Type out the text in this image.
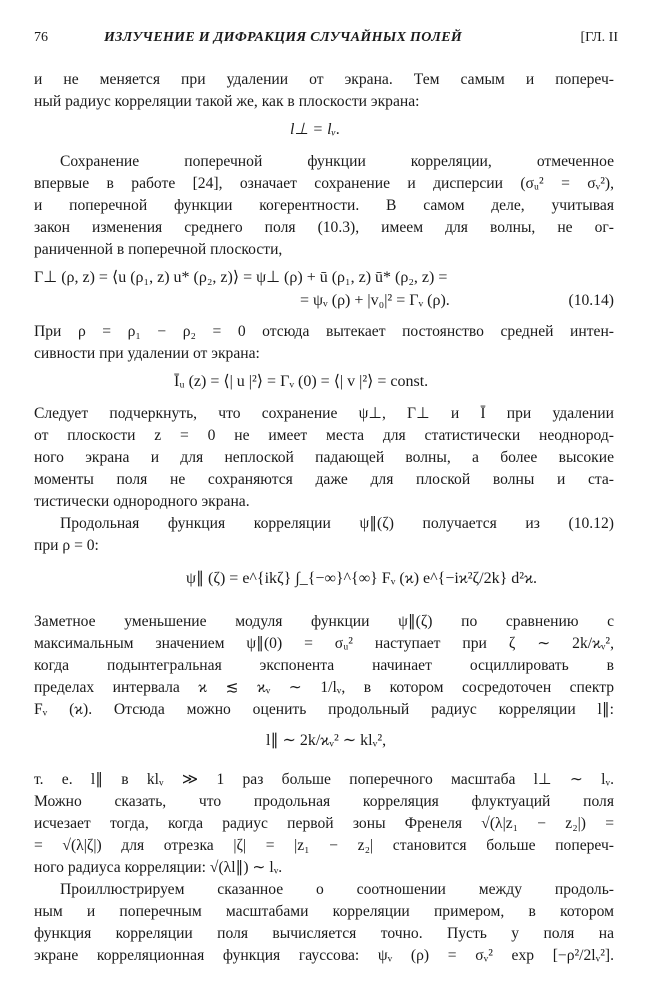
76	ИЗЛУЧЕНИЕ И ДИФРАКЦИЯ СЛУЧАЙНЫХ ПОЛЕЙ	[ГЛ. II
и не меняется при удалении от экрана. Тем самым и попереч-
ный радиус корреляции такой же, как в плоскости экрана:
l⊥ = lᵥ.
Сохранение поперечной функции корреляции, отмеченное
впервые в работе [24], означает сохранение и дисперсии (σᵤ² = σᵥ²),
и поперечной функции когерентности. В самом деле, учитывая
закон изменения среднего поля (10.3), имеем для волны, не ог-
раниченной в поперечной плоскости,
Γ⊥ (ρ, z) = ⟨u (ρ₁, z) u* (ρ₂, z)⟩ = ψ⊥ (ρ) + ū (ρ₁, z) ū* (ρ₂, z) =
= ψᵥ (ρ) + |v₀|² = Γᵥ (ρ).	(10.14)
При ρ = ρ₁ − ρ₂ = 0 отсюда вытекает постоянство средней интен-
сивности при удалении от экрана:
Īᵤ (z) = ⟨| u |²⟩ = Γᵥ (0) = ⟨| v |²⟩ = const.
Следует подчеркнуть, что сохранение ψ⊥, Γ⊥ и Ī при удалении
от плоскости z = 0 не имеет места для статистически неоднород-
ного экрана и для неплоской падающей волны, а более высокие
моменты поля не сохраняются даже для плоской волны и ста-
тистически однородного экрана.
Продольная функция корреляции ψ∥(ζ) получается из (10.12)
при ρ = 0:
ψ∥ (ζ) = e^{ikζ} ∫_{−∞}^{∞} Fᵥ (ϰ) e^{−iϰ²ζ/2k} d²ϰ.
Заметное уменьшение модуля функции ψ∥(ζ) по сравнению с
максимальным значением ψ∥(0) = σᵤ² наступает при ζ ∼ 2k/ϰᵥ²,
когда подынтегральная экспонента начинает осциллировать в
пределах интервала ϰ ≲ ϰᵥ ∼ 1/lᵥ, в котором сосредоточен спектр
Fᵥ (ϰ). Отсюда можно оценить продольный радиус корреляции l∥:
l∥ ∼ 2k/ϰᵥ² ∼ klᵥ²,
т. е. l∥ в klᵥ ≫ 1 раз больше поперечного масштаба l⊥ ∼ lᵥ.
Можно сказать, что продольная корреляция флуктуаций поля
исчезает тогда, когда радиус первой зоны Френеля √(λ|z₁ − z₂|) =
= √(λ|ζ|) для отрезка |ζ| = |z₁ − z₂| становится больше попереч-
ного радиуса корреляции: √(λl∥) ∼ lᵥ.
Проиллюстрируем сказанное о соотношении между продоль-
ным и поперечным масштабами корреляции примером, в котором
функция корреляции поля вычисляется точно. Пусть у поля на
экране корреляционная функция гауссова: ψᵥ (ρ) = σᵥ² exp [−ρ²/2lᵥ²].
